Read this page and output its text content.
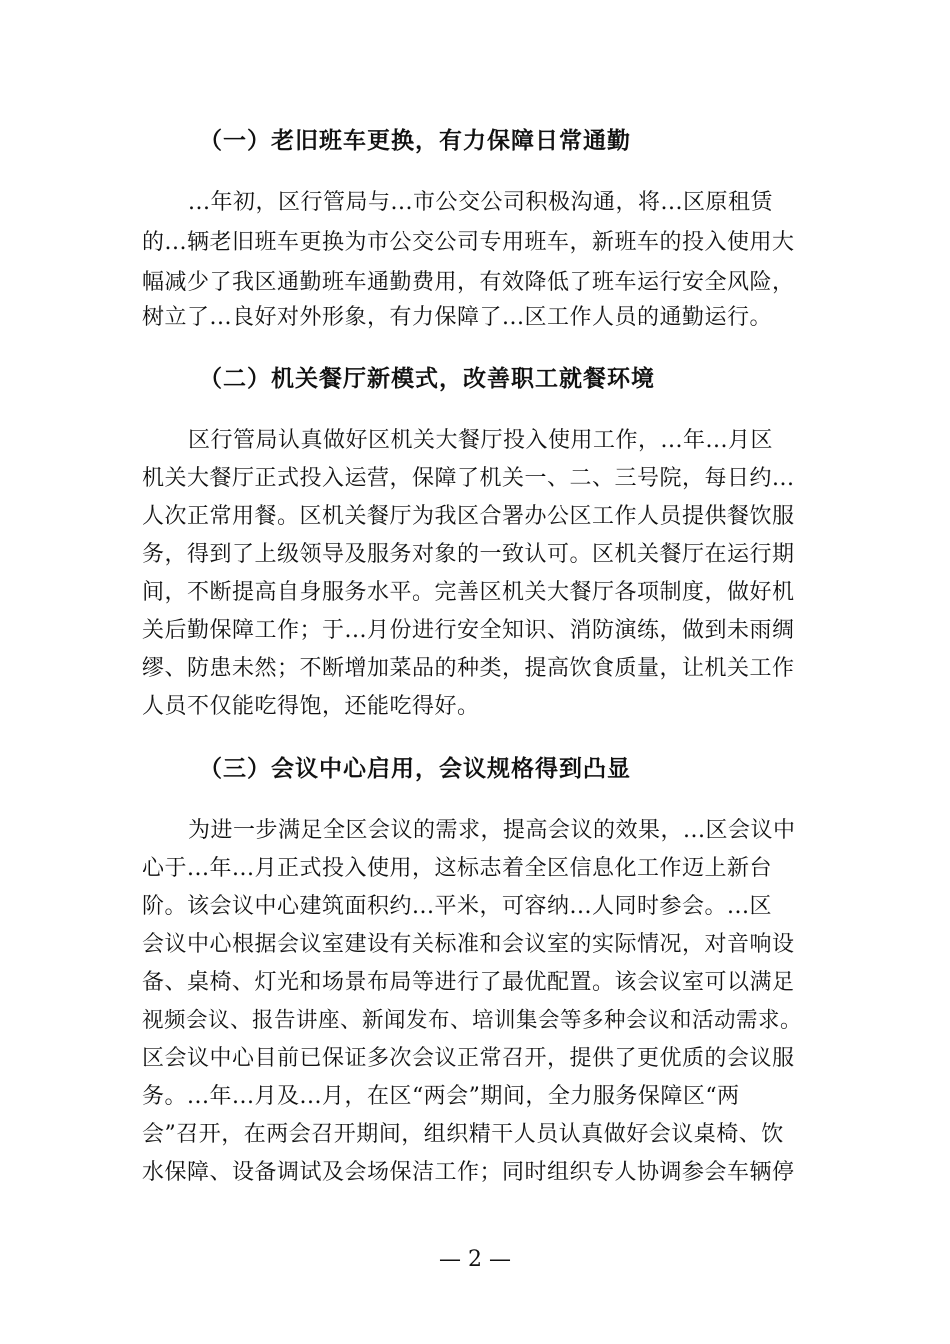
（一）老旧班车更换，有力保障日常通勤

...年初，区行管局与...市公交公司积极沟通，将...区原租赁

的...辆老旧班车更换为市公交公司专用班车，新班车的投入使用大

幅减少了我区通勤班车通勤费用，有效降低了班车运行安全风险，

树立了...良好对外形象，有力保障了...区工作人员的通勤运行。

（二）机关餐厅新模式，改善职工就餐环境

区行管局认真做好区机关大餐厅投入使用工作，...年...月区

机关大餐厅正式投入运营，保障了机关一、二、三号院，每日约...

人次正常用餐。区机关餐厅为我区合署办公区工作人员提供餐饮服

务，得到了上级领导及服务对象的一致认可。区机关餐厅在运行期

间，不断提高自身服务水平。完善区机关大餐厅各项制度，做好机

关后勤保障工作；于...月份进行安全知识、消防演练，做到未雨绸

缪、防患未然；不断增加菜品的种类，提高饮食质量，让机关工作

人员不仅能吃得饱，还能吃得好。

（三）会议中心启用，会议规格得到凸显

为进一步满足全区会议的需求，提高会议的效果，...区会议中

心于...年...月正式投入使用，这标志着全区信息化工作迈上新台

阶。该会议中心建筑面积约...平米，可容纳...人同时参会。...区

会议中心根据会议室建设有关标准和会议室的实际情况，对音响设

备、桌椅、灯光和场景布局等进行了最优配置。该会议室可以满足

视频会议、报告讲座、新闻发布、培训集会等多种会议和活动需求。

区会议中心目前已保证多次会议正常召开，提供了更优质的会议服

务。...年...月及...月，在区“两会”期间，全力服务保障区“两

会”召开，在两会召开期间，组织精干人员认真做好会议桌椅、饮

水保障、设备调试及会场保洁工作；同时组织专人协调参会车辆停

— 2 —
